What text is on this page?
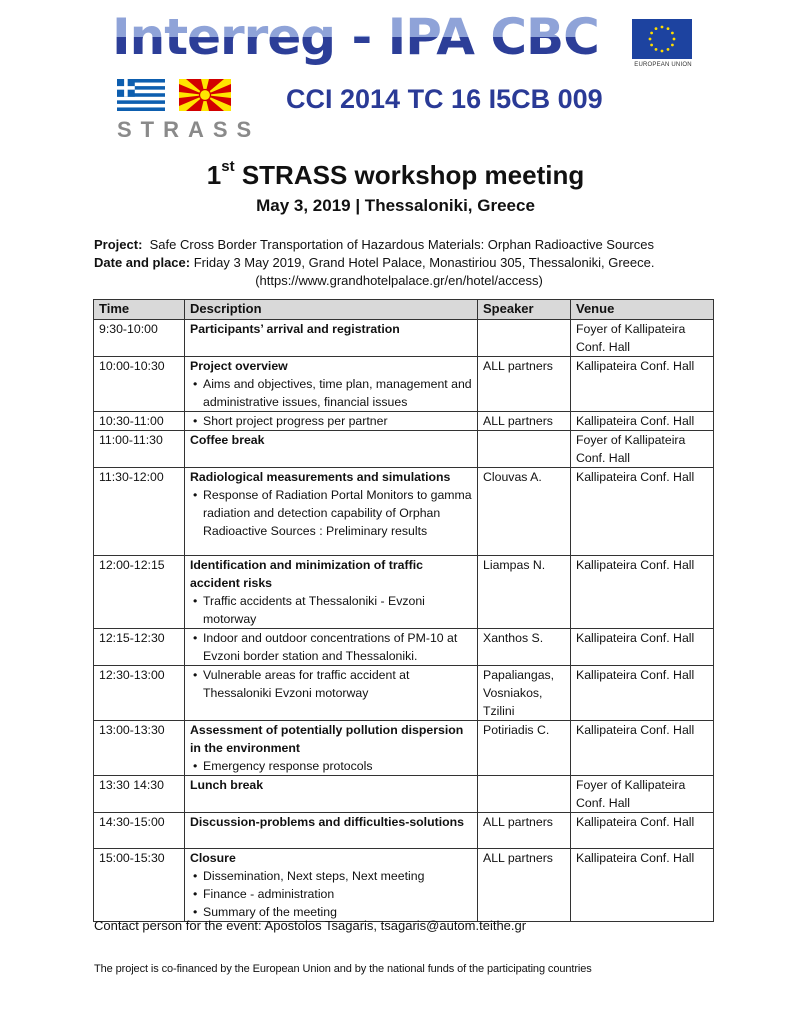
Interreg - IPA CBC	EUROPEAN UNION
STRASS
CCI 2014 TC 16 I5CB 009
1st STRASS workshop meeting
May 3, 2019 | Thessaloniki, Greece
Project: Safe Cross Border Transportation of Hazardous Materials: Orphan Radioactive Sources
Date and place: Friday 3 May 2019, Grand Hotel Palace, Monastiriou 305, Thessaloniki, Greece.
(https://www.grandhotelpalace.gr/en/hotel/access)
Time	Description	Speaker	Venue
9:30-10:00	Participants’ arrival and registration		Foyer of Kallipateira Conf. Hall
10:00-10:30	Project overview
• Aims and objectives, time plan, management and administrative issues, financial issues	ALL partners	Kallipateira Conf. Hall
10:30-11:00	• Short project progress per partner	ALL partners	Kallipateira Conf. Hall
11:00-11:30	Coffee break		Foyer of Kallipateira Conf. Hall
11:30-12:00	Radiological measurements and simulations
• Response of Radiation Portal Monitors to gamma radiation and detection capability of Orphan Radioactive Sources : Preliminary results	Clouvas A.	Kallipateira Conf. Hall
12:00-12:15	Identification and minimization of traffic accident risks
• Traffic accidents at Thessaloniki - Evzoni motorway	Liampas N.	Kallipateira Conf. Hall
12:15-12:30	• Indoor and outdoor concentrations of PM-10 at Evzoni border station and Thessaloniki.	Xanthos S.	Kallipateira Conf. Hall
12:30-13:00	• Vulnerable areas for traffic accident at Thessaloniki Evzoni motorway	Papaliangas, Vosniakos, Tzilini	Kallipateira Conf. Hall
13:00-13:30	Assessment of potentially pollution dispersion in the environment
• Emergency response protocols	Potiriadis C.	Kallipateira Conf. Hall
13:30 14:30	Lunch break		Foyer of Kallipateira Conf. Hall
14:30-15:00	Discussion-problems and difficulties-solutions	ALL partners	Kallipateira Conf. Hall
15:00-15:30	Closure
• Dissemination, Next steps, Next meeting
• Finance - administration
• Summary of the meeting	ALL partners	Kallipateira Conf. Hall
Contact person for the event: Apostolos Tsagaris, tsagaris@autom.teithe.gr
The project is co-financed by the European Union and by the national funds of the participating countries
